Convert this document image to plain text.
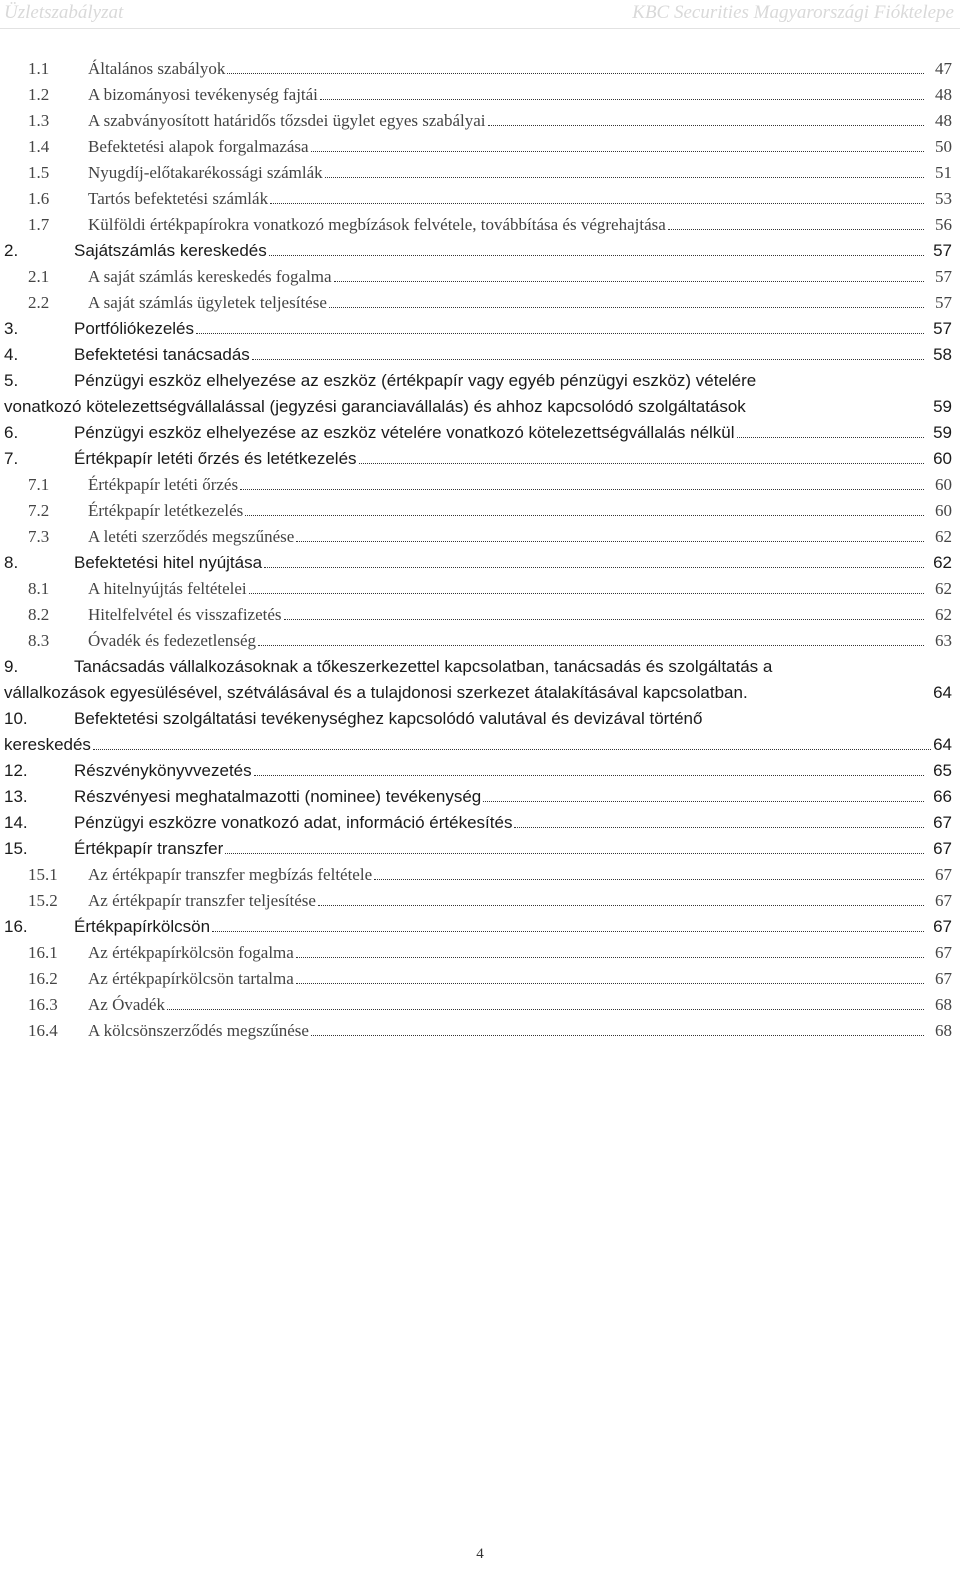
Üzletszabályzat	KBC Securities Magyarországi Fióktelepe
1.1 Általános szabályok	47
1.2 A bizományosi tevékenység fajtái	48
1.3 A szabványosított határidős tőzsdei ügylet egyes szabályai	48
1.4 Befektetési alapok forgalmazása	50
1.5 Nyugdíj-előtakarékossági számlák	51
1.6 Tartós befektetési számlák	53
1.7 Külföldi értékpapírokra vonatkozó megbízások felvétele, továbbítása és végrehajtása	56
2.	Sajátszámlás kereskedés	57
2.1 A saját számlás kereskedés fogalma	57
2.2 A saját számlás ügyletek teljesítése	57
3.	Portfóliókezelés	57
4.	Befektetési tanácsadás	58
5.	Pénzügyi eszköz elhelyezése az eszköz (értékpapír vagy egyéb pénzügyi eszköz) vételére
vonatkozó kötelezettségvállalással (jegyzési garanciavállalás) és ahhoz kapcsolódó szolgáltatások	59
6.	Pénzügyi eszköz elhelyezése az eszköz vételére vonatkozó kötelezettségvállalás nélkül	59
7.	Értékpapír letéti őrzés és letétkezelés	60
7.1 Értékpapír letéti őrzés	60
7.2 Értékpapír letétkezelés	60
7.3 A letéti szerződés megszűnése	62
8.	Befektetési hitel nyújtása	62
8.1 A hitelnyújtás feltételei	62
8.2 Hitelfelvétel és visszafizetés	62
8.3 Óvadék és fedezetlenség	63
9.	Tanácsadás vállalkozásoknak a tőkeszerkezettel kapcsolatban, tanácsadás és szolgáltatás a
vállalkozások egyesülésével, szétválásával és a tulajdonosi szerkezet átalakításával kapcsolatban.	64
10.	Befektetési szolgáltatási tevékenységhez kapcsolódó valutával és devizával történő
kereskedés	64
12.	Részvénykönyvvezetés	65
13.	Részvényesi meghatalmazotti (nominee) tevékenység	66
14.	Pénzügyi eszközre vonatkozó adat, információ értékesítés	67
15.	Értékpapír transzfer	67
15.1 Az értékpapír transzfer megbízás feltétele	67
15.2 Az értékpapír transzfer teljesítése	67
16.	Értékpapírkölcsön	67
16.1 Az értékpapírkölcsön fogalma	67
16.2 Az értékpapírkölcsön tartalma	67
16.3 Az Óvadék	68
16.4 A kölcsönszerződés megszűnése	68
4
